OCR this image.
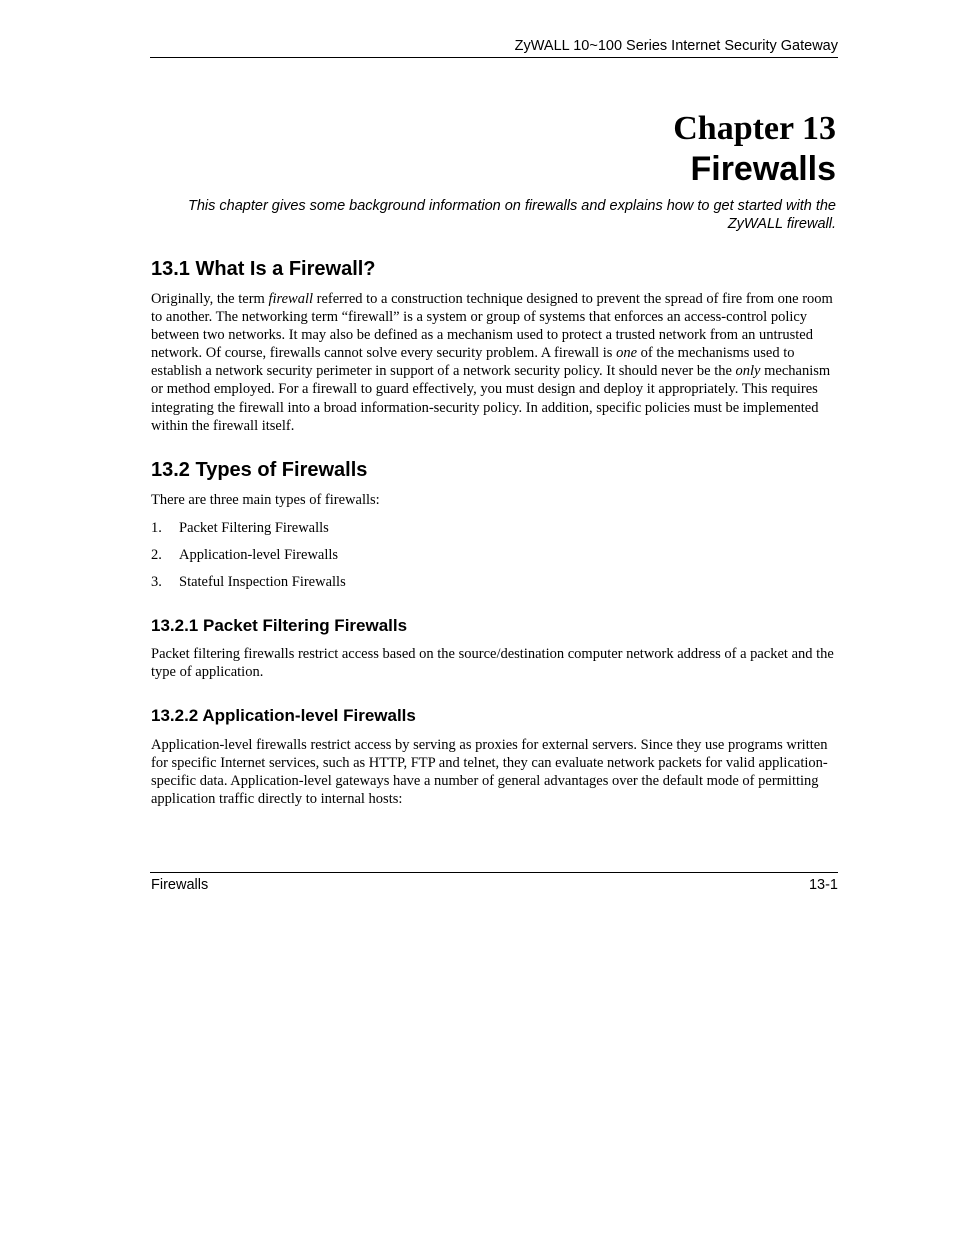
ZyWALL 10~100 Series Internet Security Gateway
Chapter 13
Firewalls
This chapter gives some background information on firewalls and explains how to get started with the ZyWALL firewall.
13.1 What Is a Firewall?

Originally, the term firewall referred to a construction technique designed to prevent the spread of fire from one room to another. The networking term “firewall” is a system or group of systems that enforces an access-control policy between two networks. It may also be defined as a mechanism used to protect a trusted network from an untrusted network. Of course, firewalls cannot solve every security problem. A firewall is one of the mechanisms used to establish a network security perimeter in support of a network security policy. It should never be the only mechanism or method employed. For a firewall to guard effectively, you must design and deploy it appropriately. This requires integrating the firewall into a broad information-security policy. In addition, specific policies must be implemented within the firewall itself.

13.2 Types of Firewalls

There are three main types of firewalls:

1. Packet Filtering Firewalls
2. Application-level Firewalls
3. Stateful Inspection Firewalls
13.2.1 Packet Filtering Firewalls

Packet filtering firewalls restrict access based on the source/destination computer network address of a packet and the type of application.

13.2.2 Application-level Firewalls

Application-level firewalls restrict access by serving as proxies for external servers. Since they use programs written for specific Internet services, such as HTTP, FTP and telnet, they can evaluate network packets for valid application-specific data. Application-level gateways have a number of general advantages over the default mode of permitting application traffic directly to internal hosts:

Firewalls	13-1
